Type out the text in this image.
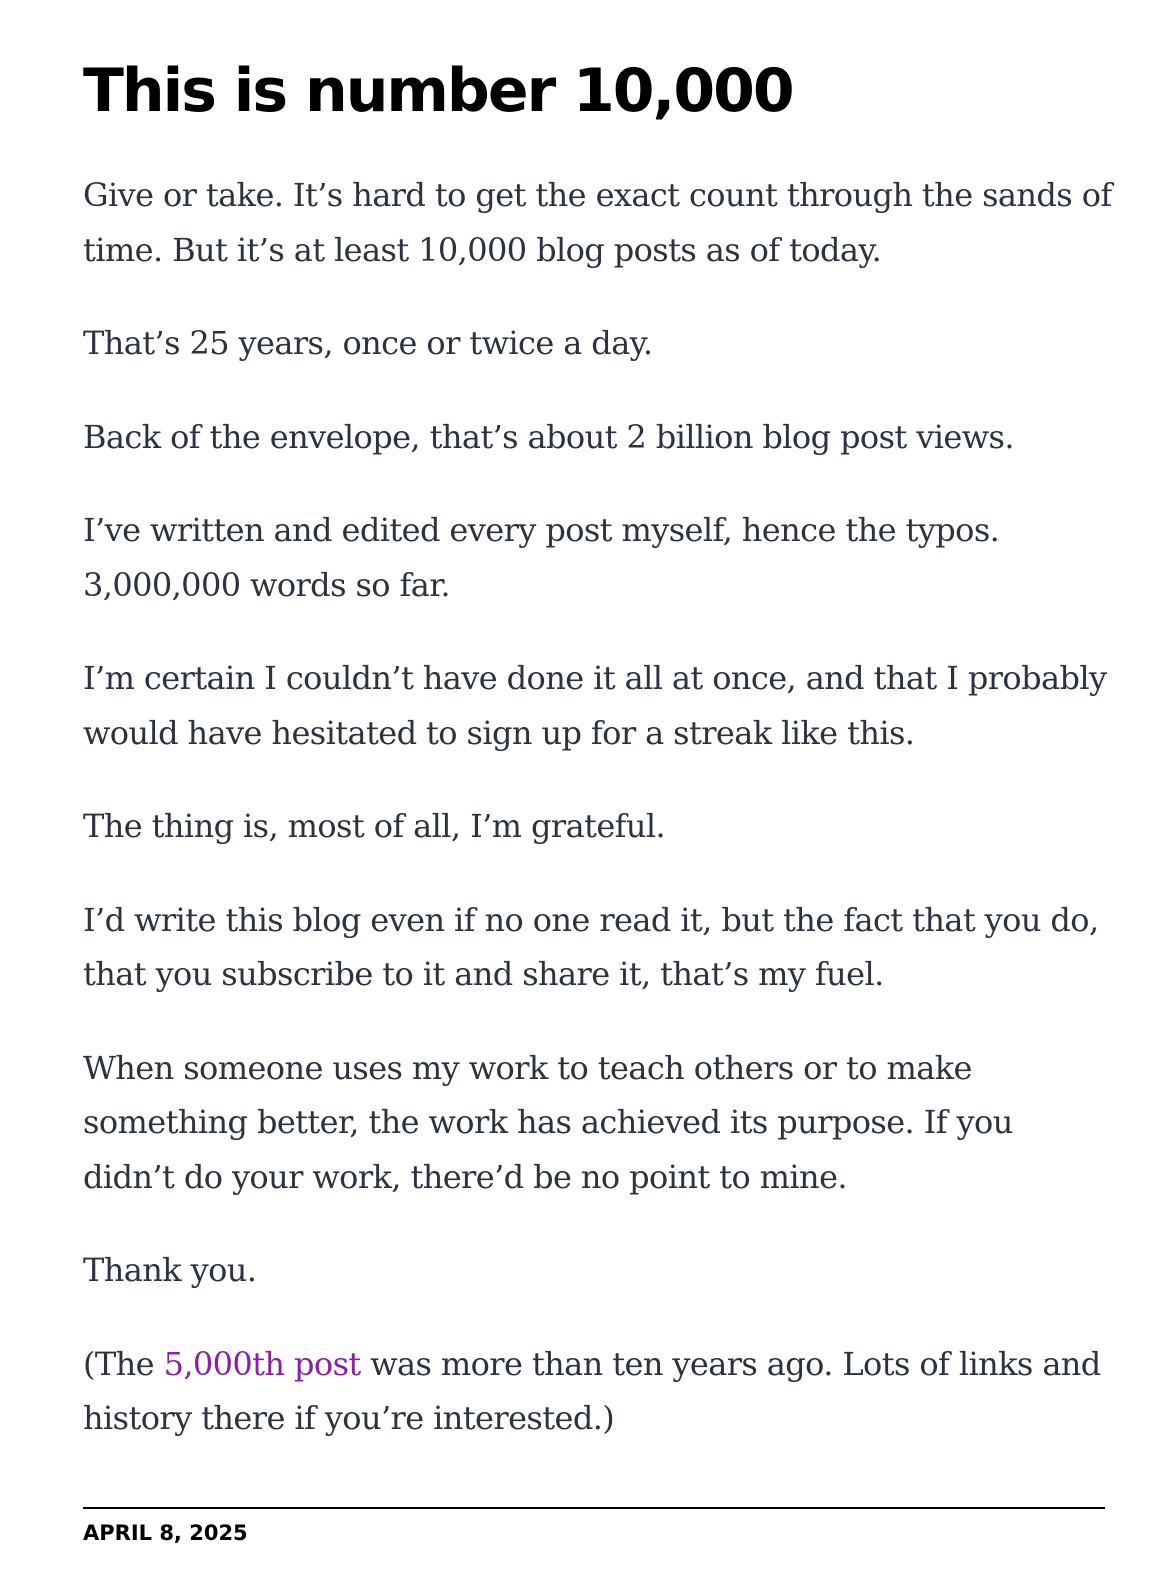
This is number 10,000

Give or take. It’s hard to get the exact count through the sands of time. But it’s at least 10,000 blog posts as of today.

That’s 25 years, once or twice a day.

Back of the envelope, that’s about 2 billion blog post views.

I’ve written and edited every post myself, hence the typos. 3,000,000 words so far.

I’m certain I couldn’t have done it all at once, and that I probably would have hesitated to sign up for a streak like this.

The thing is, most of all, I’m grateful.

I’d write this blog even if no one read it, but the fact that you do, that you subscribe to it and share it, that’s my fuel.

When someone uses my work to teach others or to make something better, the work has achieved its purpose. If you didn’t do your work, there’d be no point to mine.

Thank you.

(The 5,000th post was more than ten years ago. Lots of links and history there if you’re interested.)

APRIL 8, 2025
